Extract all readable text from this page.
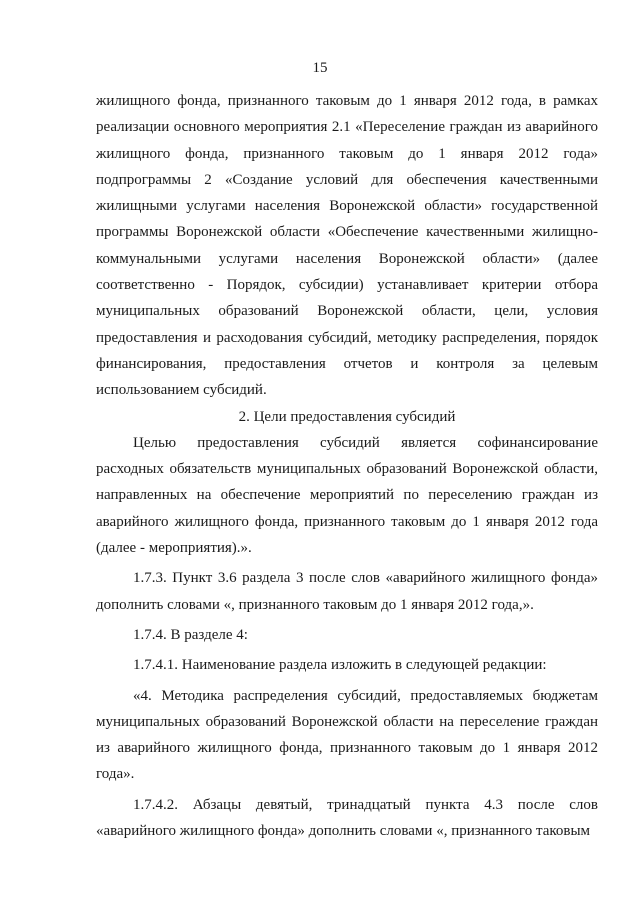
15

жилищного фонда, признанного таковым до 1 января 2012 года, в рамках реализации основного мероприятия 2.1 «Переселение граждан из аварийного жилищного фонда, признанного таковым до 1 января 2012 года» подпрограммы 2 «Создание условий для обеспечения качественными жилищными услугами населения Воронежской области» государственной программы Воронежской области «Обеспечение качественными жилищно-коммунальными услугами населения Воронежской области» (далее соответственно - Порядок, субсидии) устанавливает критерии отбора муниципальных образований Воронежской области, цели, условия предоставления и расходования субсидий, методику распределения, порядок финансирования, предоставления отчетов и контроля за целевым использованием субсидий.

2. Цели предоставления субсидий

Целью предоставления субсидий является софинансирование расходных обязательств муниципальных образований Воронежской области, направленных на обеспечение мероприятий по переселению граждан из аварийного жилищного фонда, признанного таковым до 1 января 2012 года (далее - мероприятия).».

1.7.3. Пункт 3.6 раздела 3 после слов «аварийного жилищного фонда» дополнить словами «, признанного таковым до 1 января 2012 года,».

1.7.4. В разделе 4:

1.7.4.1. Наименование раздела изложить в следующей редакции:

«4. Методика распределения субсидий, предоставляемых бюджетам муниципальных образований Воронежской области на переселение граждан из аварийного жилищного фонда, признанного таковым до 1 января 2012 года».

1.7.4.2. Абзацы девятый, тринадцатый пункта 4.3 после слов «аварийного жилищного фонда» дополнить словами «, признанного таковым
